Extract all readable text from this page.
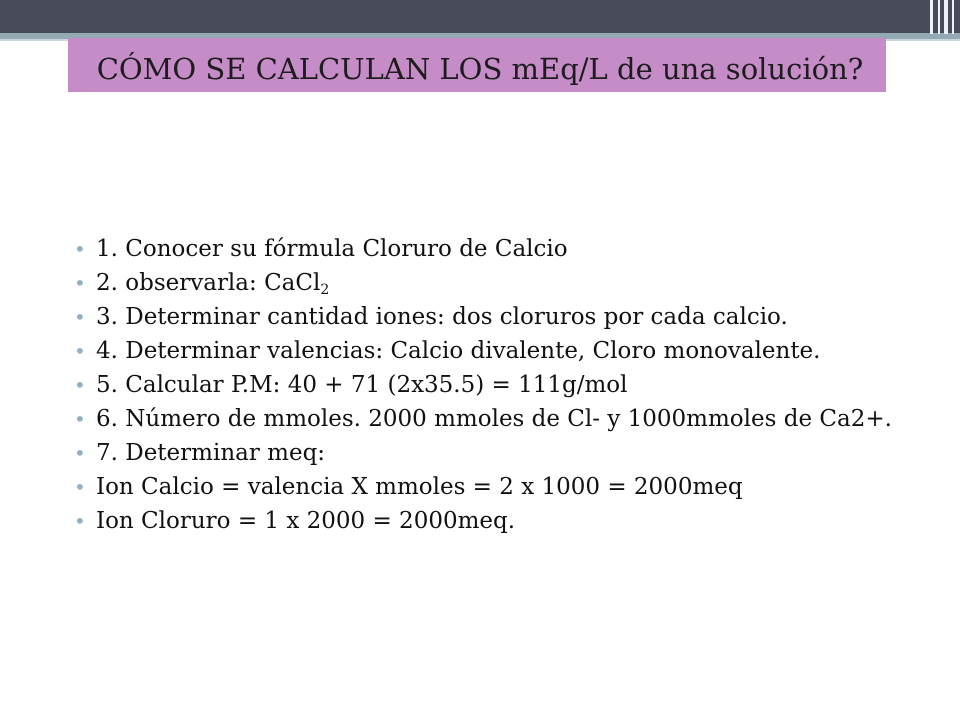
CÓMO SE CALCULAN LOS mEq/L de una solución?
• 1. Conocer su fórmula Cloruro de Calcio
• 2. observarla: CaCl$_2$
• 3. Determinar cantidad iones: dos cloruros por cada calcio.
• 4. Determinar valencias: Calcio divalente, Cloro monovalente.
• 5. Calcular P.M: 40 + 71 (2x35.5) = 111g/mol
• 6. Número de mmoles. 2000 mmoles de Cl- y 1000mmoles de Ca2+.
• 7. Determinar meq:
• Ion Calcio = valencia X mmoles = 2 x 1000 = 2000meq
• Ion Cloruro = 1 x 2000 = 2000meq.
